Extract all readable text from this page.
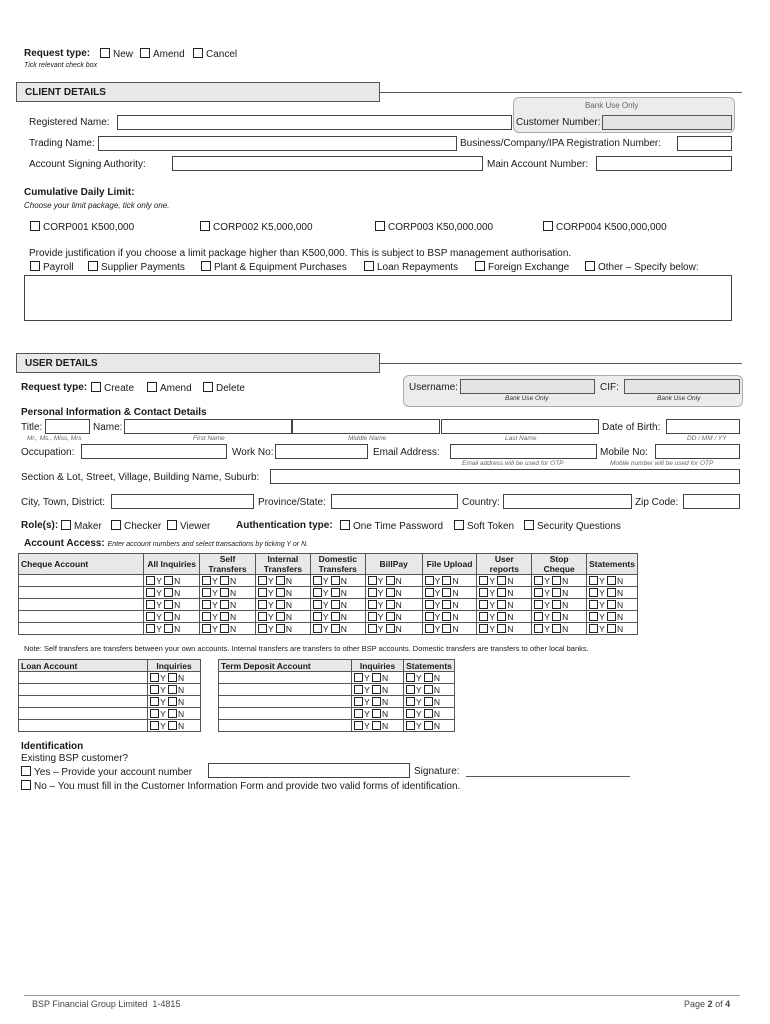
Request type:	New	Amend	Cancel
Tick relevant check box
CLIENT DETAILS
Bank Use Only
Registered Name:	Customer Number:
Trading Name:	Business/Company/IPA Registration Number:
Account Signing Authority:	Main Account Number:
Cumulative Daily Limit:
Choose your limit package, tick only one.
CORP001 K500,000	CORP002 K5,000,000	CORP003 K50,000,000	CORP004 K500,000,000
Provide justification if you choose a limit package higher than K500,000. This is subject to BSP management authorisation.
Payroll	Supplier Payments	Plant & Equipment Purchases	Loan Repayments	Foreign Exchange	Other – Specify below:
USER DETAILS
Request type:	Create	Amend	Delete	Username:	CIF:
Bank Use Only	Bank Use Only
Personal Information & Contact Details
Title:	Name:	Date of Birth:
Mr., Ms., Miss, Mrs	First Name	Middle Name	Last Name	DD / MM / YY
Occupation:	Work No:	Email Address:	Mobile No:
Email address will be used for OTP	Mobile number will be used for OTP
Section & Lot, Street, Village, Building Name, Suburb:
City, Town, District:	Province/State:	Country:	Zip Code:
Role(s):	Maker	Checker	Viewer	Authentication type:	One Time Password	Soft Token	Security Questions
Account Access: Enter account numbers and select transactions by ticking Y or N.
Cheque Account	All Inquiries	Self Transfers	Internal Transfers	Domestic Transfers	BillPay	File Upload	User reports	Stop Cheque	Statements
	Y N	Y N	Y N	Y N	Y N	Y N	Y N	Y N	Y N
	Y N	Y N	Y N	Y N	Y N	Y N	Y N	Y N	Y N
	Y N	Y N	Y N	Y N	Y N	Y N	Y N	Y N	Y N
	Y N	Y N	Y N	Y N	Y N	Y N	Y N	Y N	Y N
	Y N	Y N	Y N	Y N	Y N	Y N	Y N	Y N	Y N
Note: Self transfers are transfers between your own accounts. Internal transfers are transfers to other BSP accounts. Domestic transfers are transfers to other local banks.
Loan Account	Inquiries
	Y N
	Y N
	Y N
	Y N
	Y N
Term Deposit Account	Inquiries	Statements
	Y N	Y N
	Y N	Y N
	Y N	Y N
	Y N	Y N
	Y N	Y N
Identification
Existing BSP customer?
Yes – Provide your account number	Signature:
No – You must fill in the Customer Information Form and provide two valid forms of identification.
BSP Financial Group Limited 1-4815	Page 2 of 4
